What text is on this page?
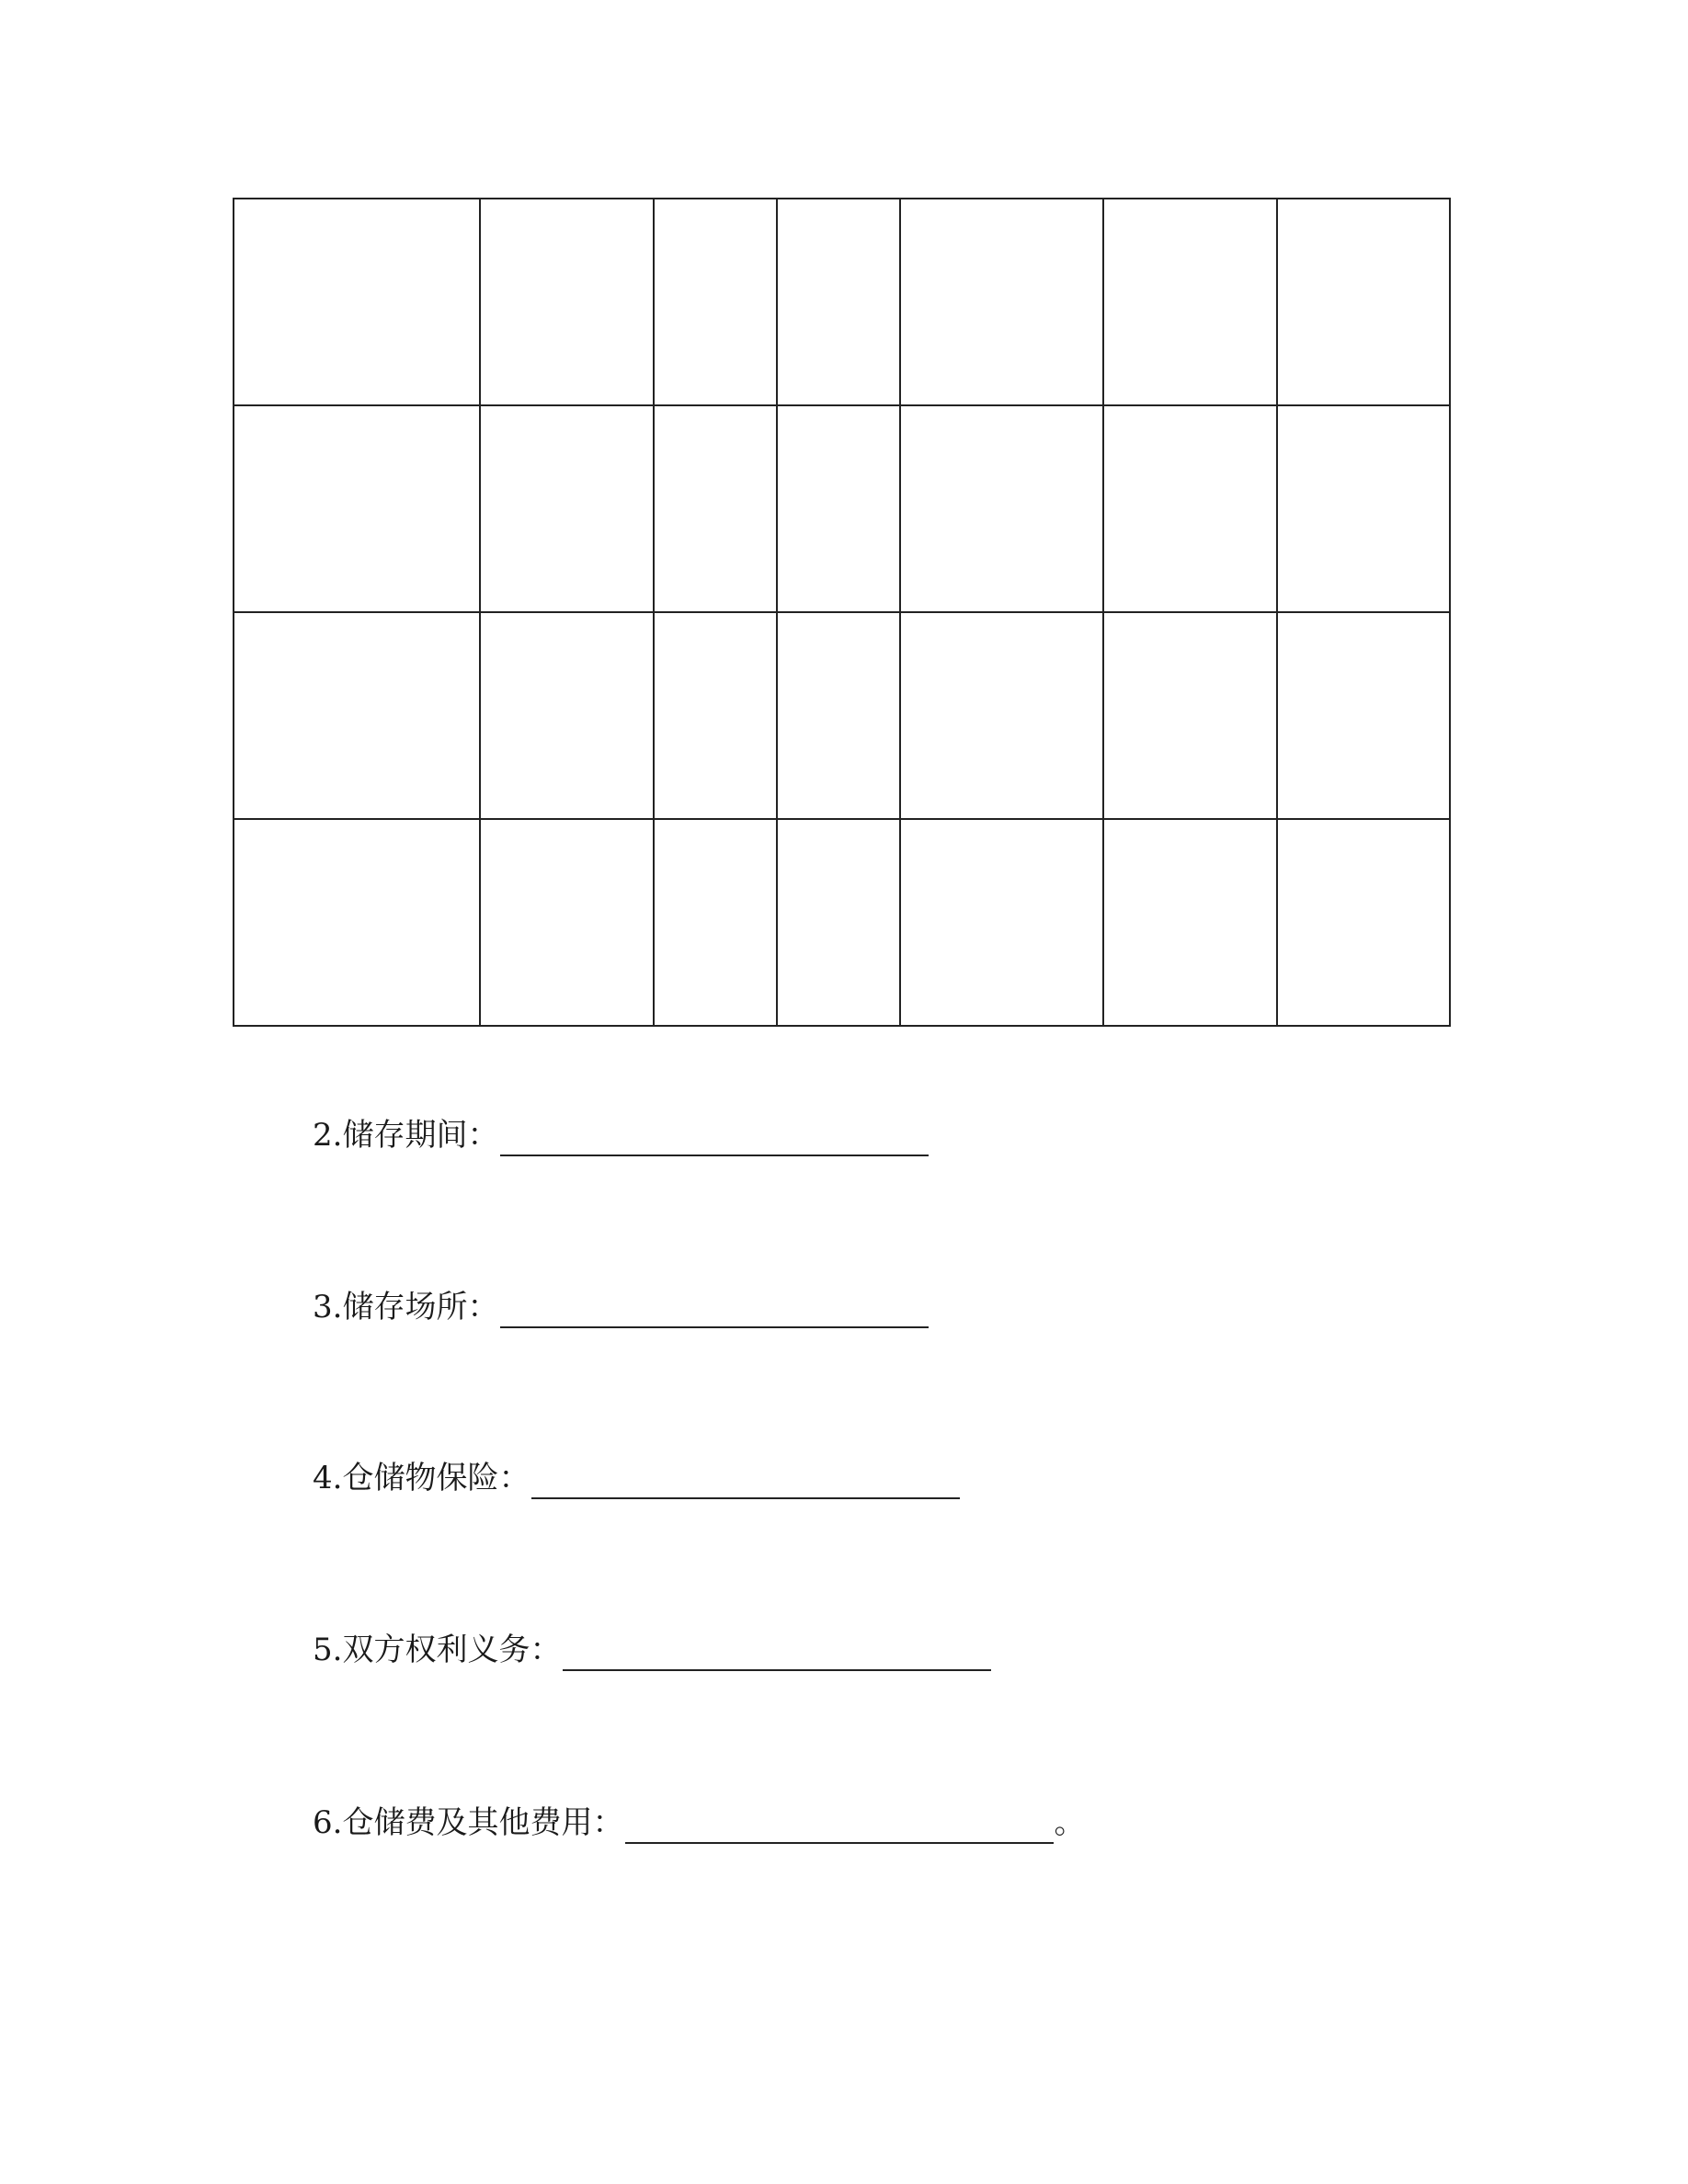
2.储存期间：
3.储存场所：
4.仓储物保险：
5.双方权利义务：
6.仓储费及其他费用：	。
